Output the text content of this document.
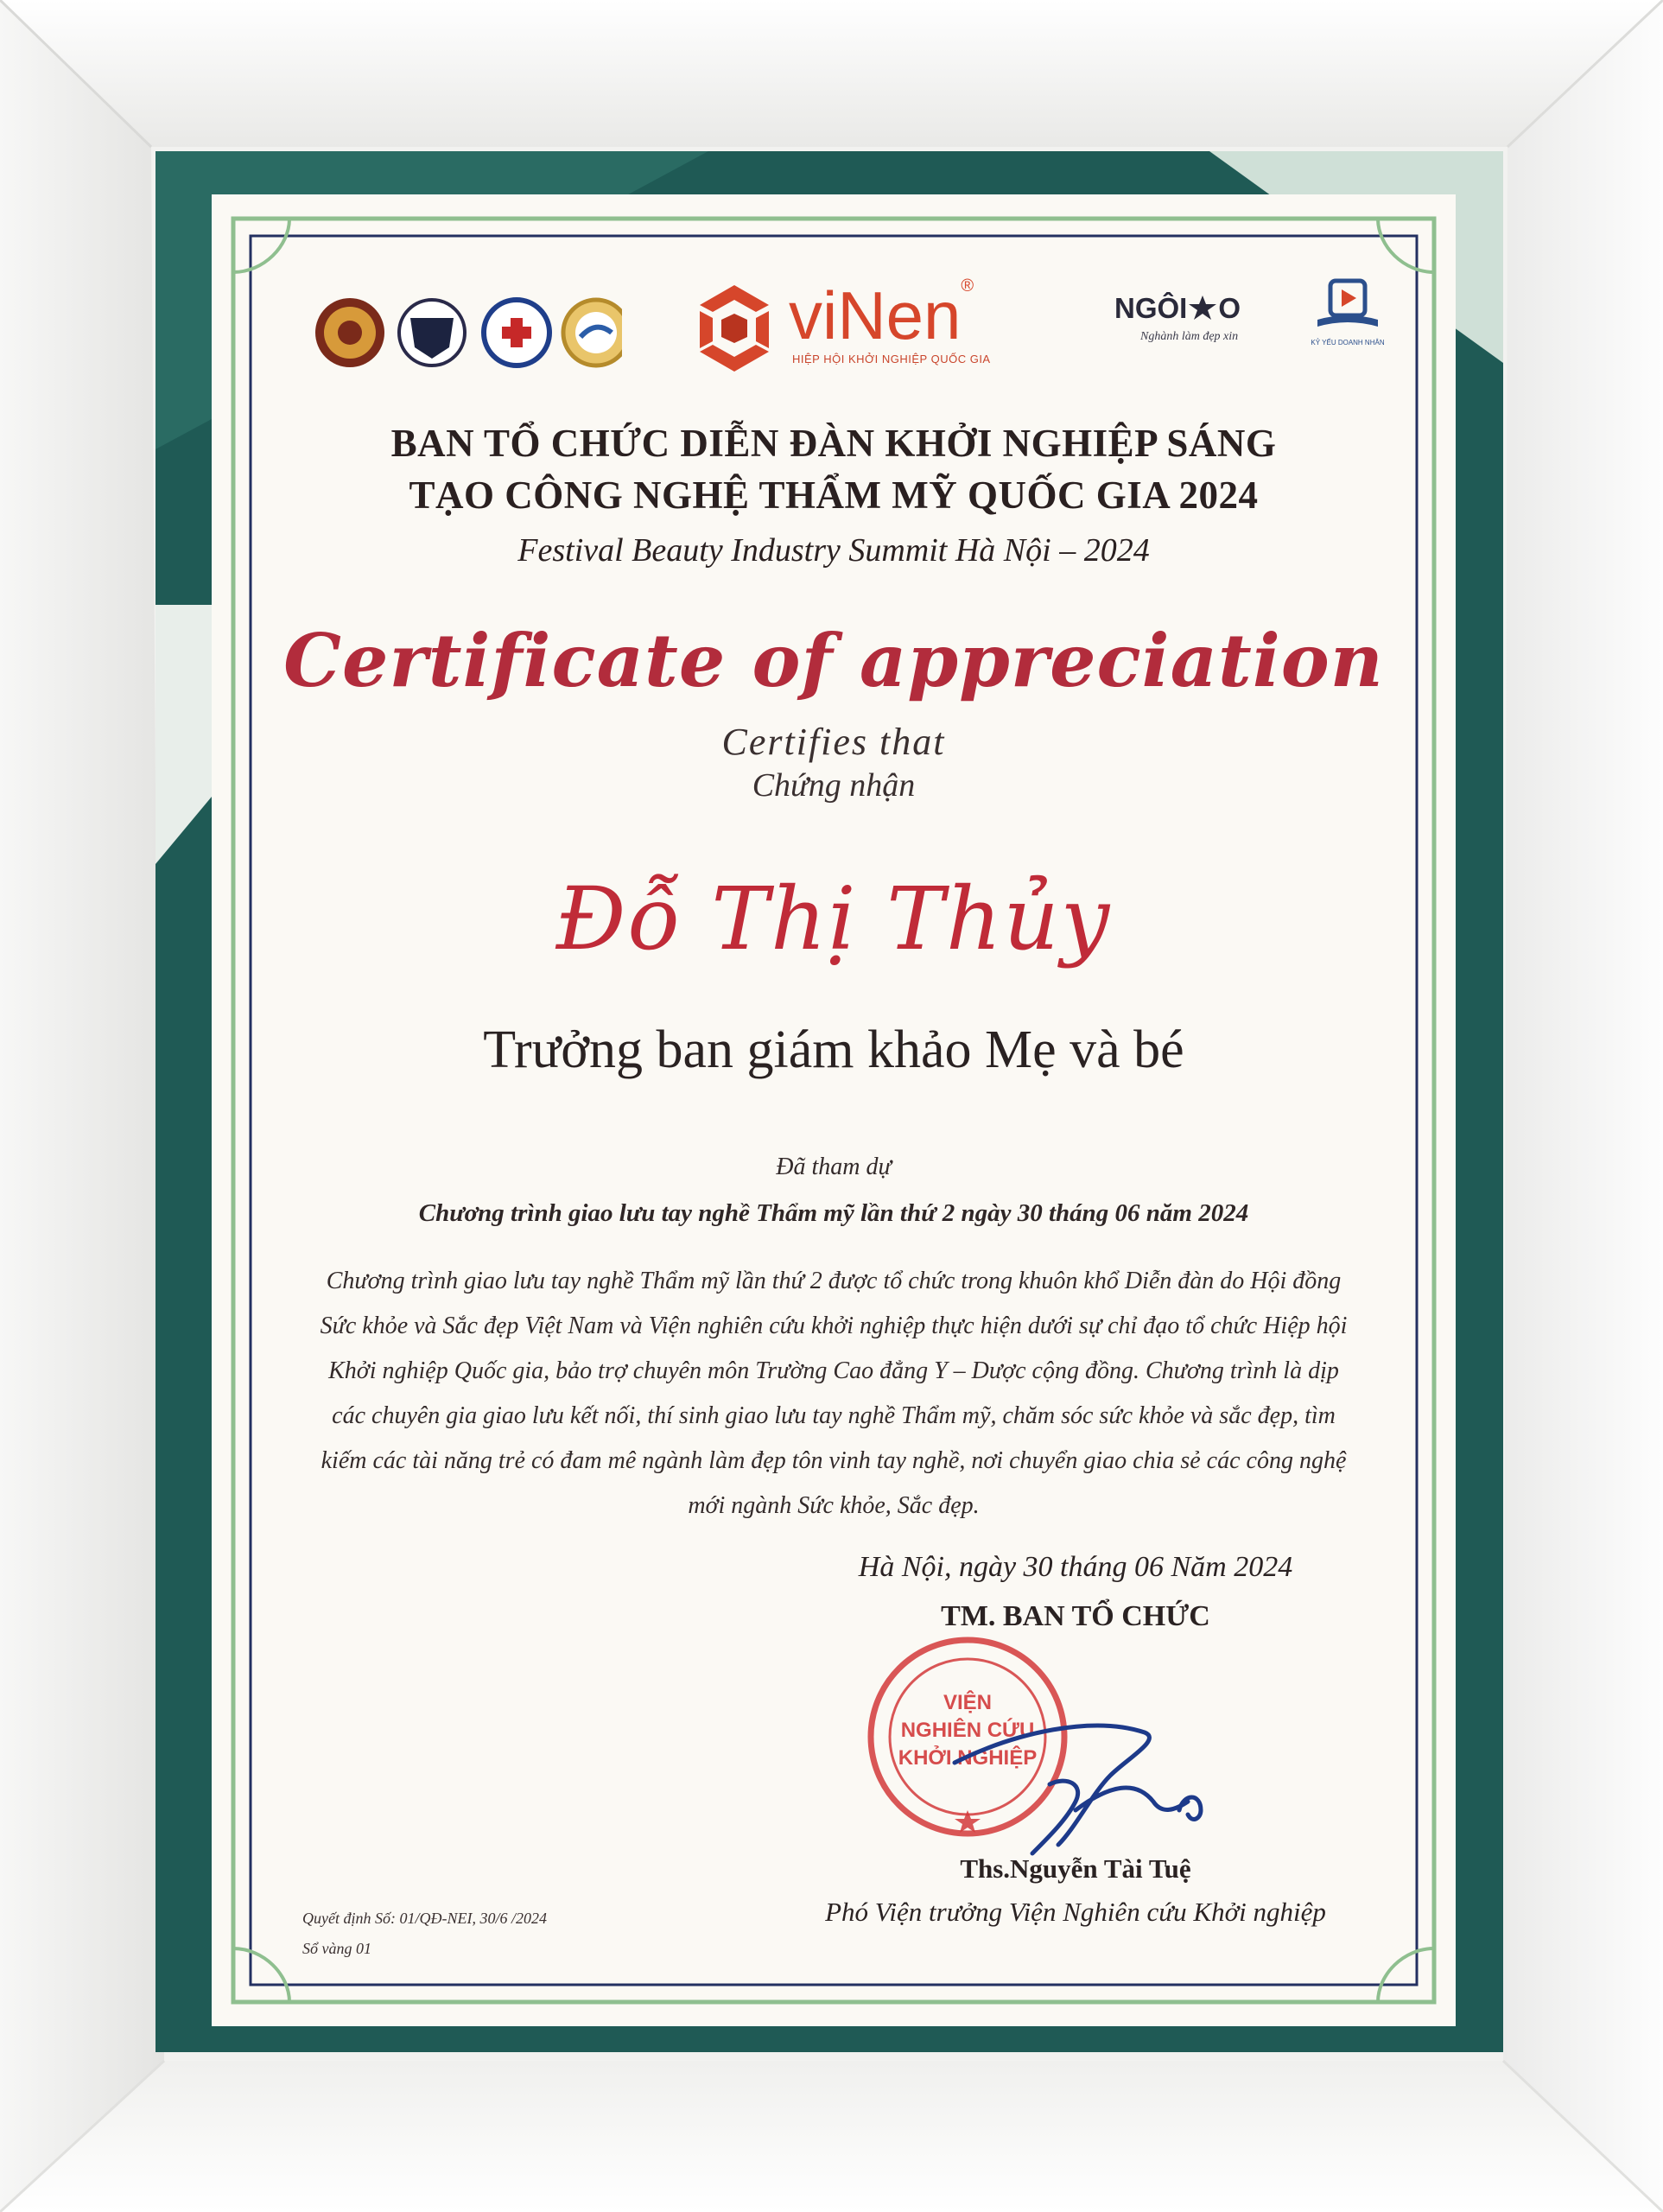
viNen®
HIỆP HỘI KHỞI NGHIỆP QUỐC GIA
NGÔI O
Nghành làm đẹp xin	KỶ YẾU DOANH NHÂN
BAN TỔ CHỨC DIỄN ĐÀN KHỞI NGHIỆP SÁNG
TẠO CÔNG NGHỆ THẨM MỸ QUỐC GIA 2024
Festival Beauty Industry Summit Hà Nội – 2024
Certificate of appreciation
Certifies that
Chứng nhận
Đỗ Thị Thủy
Trưởng ban giám khảo Mẹ và bé
Đã tham dự
Chương trình giao lưu tay nghề Thẩm mỹ lần thứ 2 ngày 30 tháng 06 năm 2024
Chương trình giao lưu tay nghề Thẩm mỹ lần thứ 2 được tổ chức trong khuôn khổ Diễn đàn do Hội đồng Sức khỏe và Sắc đẹp Việt Nam và Viện nghiên cứu khởi nghiệp thực hiện dưới sự chỉ đạo tổ chức Hiệp hội Khởi nghiệp Quốc gia, bảo trợ chuyên môn Trường Cao đẳng Y – Dược cộng đồng. Chương trình là dịp các chuyên gia giao lưu kết nối, thí sinh giao lưu tay nghề Thẩm mỹ, chăm sóc sức khỏe và sắc đẹp, tìm kiếm các tài năng trẻ có đam mê ngành làm đẹp tôn vinh tay nghề, nơi chuyển giao chia sẻ các công nghệ mới ngành Sức khỏe, Sắc đẹp.
Hà Nội, ngày 30 tháng 06 Năm 2024
TM. BAN TỔ CHỨC
VIỆN
NGHIÊN CỨU
KHỞI NGHIỆP
Ths.Nguyễn Tài Tuệ
Phó Viện trưởng Viện Nghiên cứu Khởi nghiệp
Quyết định Số: 01/QĐ-NEI, 30/6 /2024
Sổ vàng 01
